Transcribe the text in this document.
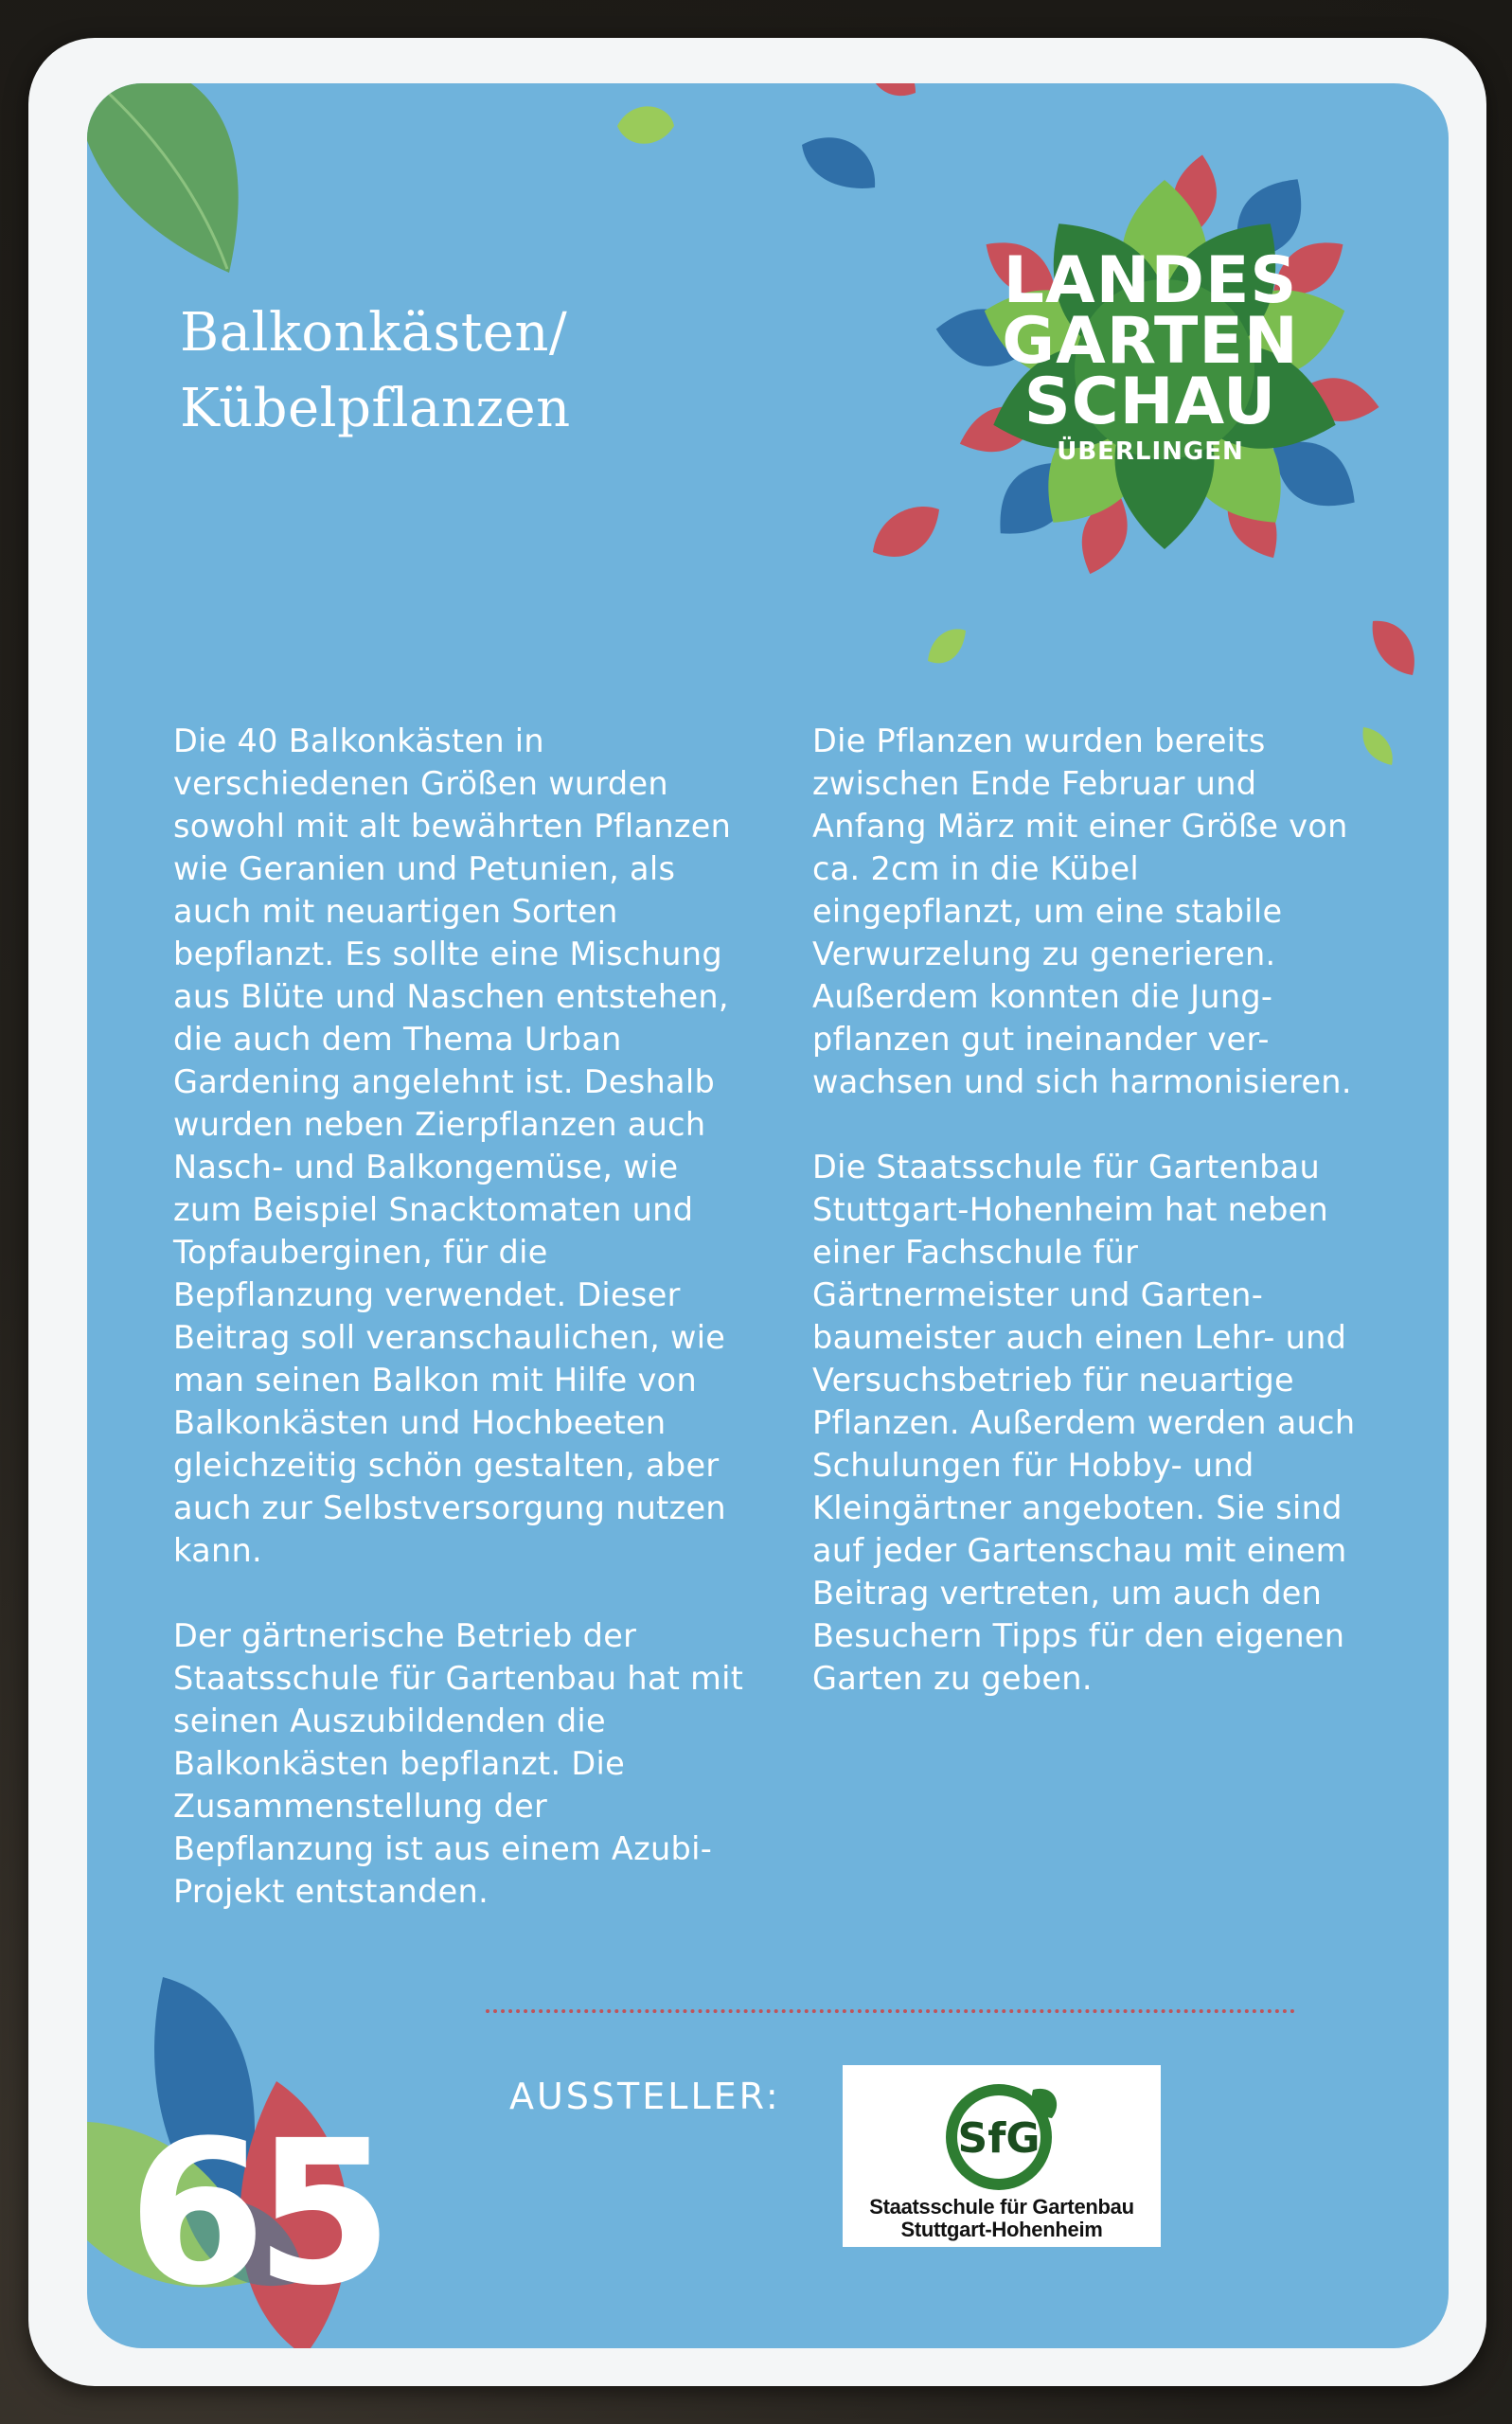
LANDES
GARTEN
SCHAU
ÜBERLINGEN
Balkonkästen/
Kübelpflanzen

Die 40 Balkonkästen in
verschiedenen Größen wurden
sowohl mit alt bewährten Pflanzen
wie Geranien und Petunien, als
auch mit neuartigen Sorten
bepflanzt. Es sollte eine Mischung
aus Blüte und Naschen entstehen,
die auch dem Thema Urban
Gardening angelehnt ist. Deshalb
wurden neben Zierpflanzen auch
Nasch- und Balkongemüse, wie
zum Beispiel Snacktomaten und
Topfauberginen, für die
Bepflanzung verwendet. Dieser
Beitrag soll veranschaulichen, wie
man seinen Balkon mit Hilfe von
Balkonkästen und Hochbeeten
gleichzeitig schön gestalten, aber
auch zur Selbstversorgung nutzen
kann.

Der gärtnerische Betrieb der
Staatsschule für Gartenbau hat mit
seinen Auszubildenden die
Balkonkästen bepflanzt. Die
Zusammenstellung der
Bepflanzung ist aus einem Azubi-
Projekt entstanden.

Die Pflanzen wurden bereits
zwischen Ende Februar und
Anfang März mit einer Größe von
ca. 2cm in die Kübel
eingepflanzt, um eine stabile
Verwurzelung zu generieren.
Außerdem konnten die Jung-
pflanzen gut ineinander ver-
wachsen und sich harmonisieren.

Die Staatsschule für Gartenbau
Stuttgart-Hohenheim hat neben
einer Fachschule für
Gärtnermeister und Garten-
baumeister auch einen Lehr- und
Versuchsbetrieb für neuartige
Pflanzen. Außerdem werden auch
Schulungen für Hobby- und
Kleingärtner angeboten. Sie sind
auf jeder Gartenschau mit einem
Beitrag vertreten, um auch den
Besuchern Tipps für den eigenen
Garten zu geben.

AUSSTELLER:
SfG
Staatsschule für Gartenbau
Stuttgart-Hohenheim
65
